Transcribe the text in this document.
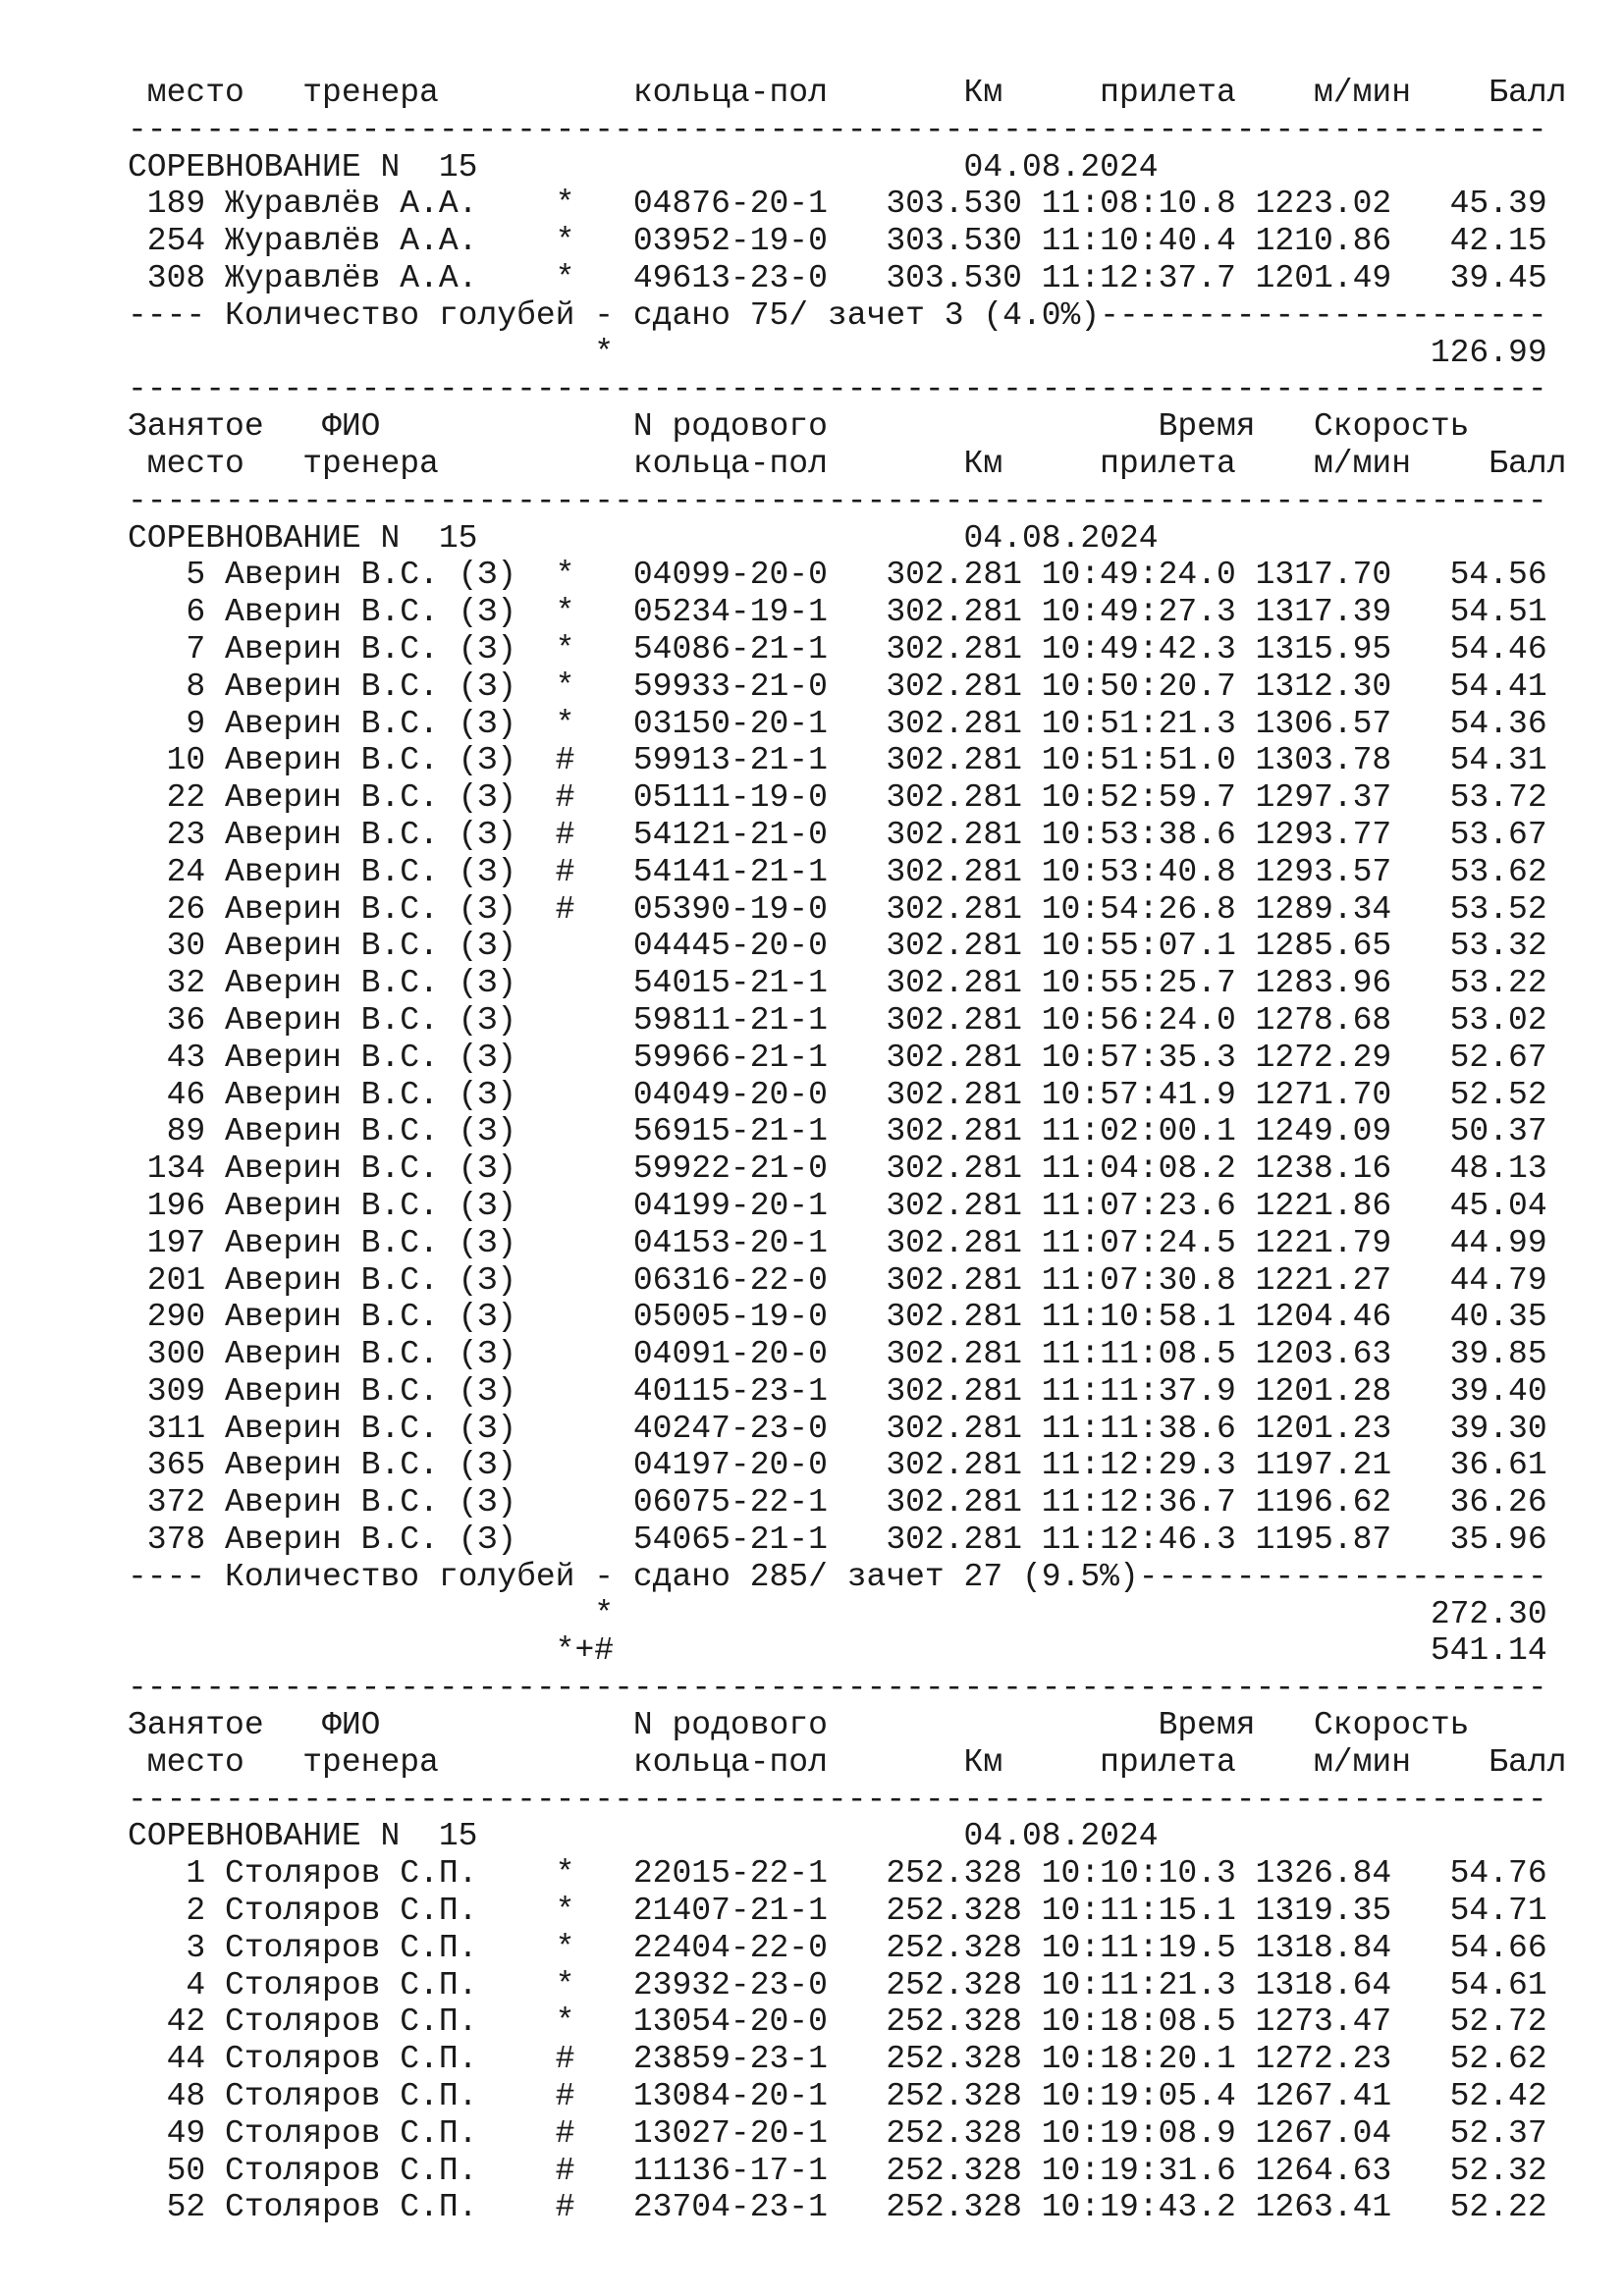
место   тренера          кольца-пол       Км     прилета    м/мин    Балл
-------------------------------------------------------------------------
СОРЕВНОВАНИЕ N  15                         04.08.2024
189 Журавлёв А.А.    *   04876-20-1   303.530 11:08:10.8 1223.02   45.39
254 Журавлёв А.А.    *   03952-19-0   303.530 11:10:40.4 1210.86   42.15
308 Журавлёв А.А.    *   49613-23-0   303.530 11:12:37.7 1201.49   39.45
---- Количество голубей - сдано 75/ зачет 3 (4.0%)-----------------------
*                                          126.99
-------------------------------------------------------------------------
Занятое   ФИО             N родового                 Время   Скорость
место   тренера          кольца-пол       Км     прилета    м/мин    Балл
-------------------------------------------------------------------------
СОРЕВНОВАНИЕ N  15                         04.08.2024
5 Аверин В.С. (З)  *   04099-20-0   302.281 10:49:24.0 1317.70   54.56
6 Аверин В.С. (З)  *   05234-19-1   302.281 10:49:27.3 1317.39   54.51
7 Аверин В.С. (З)  *   54086-21-1   302.281 10:49:42.3 1315.95   54.46
8 Аверин В.С. (З)  *   59933-21-0   302.281 10:50:20.7 1312.30   54.41
9 Аверин В.С. (З)  *   03150-20-1   302.281 10:51:21.3 1306.57   54.36
10 Аверин В.С. (З)  #   59913-21-1   302.281 10:51:51.0 1303.78   54.31
22 Аверин В.С. (З)  #   05111-19-0   302.281 10:52:59.7 1297.37   53.72
23 Аверин В.С. (З)  #   54121-21-0   302.281 10:53:38.6 1293.77   53.67
24 Аверин В.С. (З)  #   54141-21-1   302.281 10:53:40.8 1293.57   53.62
26 Аверин В.С. (З)  #   05390-19-0   302.281 10:54:26.8 1289.34   53.52
30 Аверин В.С. (З)      04445-20-0   302.281 10:55:07.1 1285.65   53.32
32 Аверин В.С. (З)      54015-21-1   302.281 10:55:25.7 1283.96   53.22
36 Аверин В.С. (З)      59811-21-1   302.281 10:56:24.0 1278.68   53.02
43 Аверин В.С. (З)      59966-21-1   302.281 10:57:35.3 1272.29   52.67
46 Аверин В.С. (З)      04049-20-0   302.281 10:57:41.9 1271.70   52.52
89 Аверин В.С. (З)      56915-21-1   302.281 11:02:00.1 1249.09   50.37
134 Аверин В.С. (З)      59922-21-0   302.281 11:04:08.2 1238.16   48.13
196 Аверин В.С. (З)      04199-20-1   302.281 11:07:23.6 1221.86   45.04
197 Аверин В.С. (З)      04153-20-1   302.281 11:07:24.5 1221.79   44.99
201 Аверин В.С. (З)      06316-22-0   302.281 11:07:30.8 1221.27   44.79
290 Аверин В.С. (З)      05005-19-0   302.281 11:10:58.1 1204.46   40.35
300 Аверин В.С. (З)      04091-20-0   302.281 11:11:08.5 1203.63   39.85
309 Аверин В.С. (З)      40115-23-1   302.281 11:11:37.9 1201.28   39.40
311 Аверин В.С. (З)      40247-23-0   302.281 11:11:38.6 1201.23   39.30
365 Аверин В.С. (З)      04197-20-0   302.281 11:12:29.3 1197.21   36.61
372 Аверин В.С. (З)      06075-22-1   302.281 11:12:36.7 1196.62   36.26
378 Аверин В.С. (З)      54065-21-1   302.281 11:12:46.3 1195.87   35.96
---- Количество голубей - сдано 285/ зачет 27 (9.5%)---------------------
*                                          272.30
*+#                                          541.14
-------------------------------------------------------------------------
Занятое   ФИО             N родового                 Время   Скорость
место   тренера          кольца-пол       Км     прилета    м/мин    Балл
-------------------------------------------------------------------------
СОРЕВНОВАНИЕ N  15                         04.08.2024
1 Столяров С.П.    *   22015-22-1   252.328 10:10:10.3 1326.84   54.76
2 Столяров С.П.    *   21407-21-1   252.328 10:11:15.1 1319.35   54.71
3 Столяров С.П.    *   22404-22-0   252.328 10:11:19.5 1318.84   54.66
4 Столяров С.П.    *   23932-23-0   252.328 10:11:21.3 1318.64   54.61
42 Столяров С.П.    *   13054-20-0   252.328 10:18:08.5 1273.47   52.72
44 Столяров С.П.    #   23859-23-1   252.328 10:18:20.1 1272.23   52.62
48 Столяров С.П.    #   13084-20-1   252.328 10:19:05.4 1267.41   52.42
49 Столяров С.П.    #   13027-20-1   252.328 10:19:08.9 1267.04   52.37
50 Столяров С.П.    #   11136-17-1   252.328 10:19:31.6 1264.63   52.32
52 Столяров С.П.    #   23704-23-1   252.328 10:19:43.2 1263.41   52.22
